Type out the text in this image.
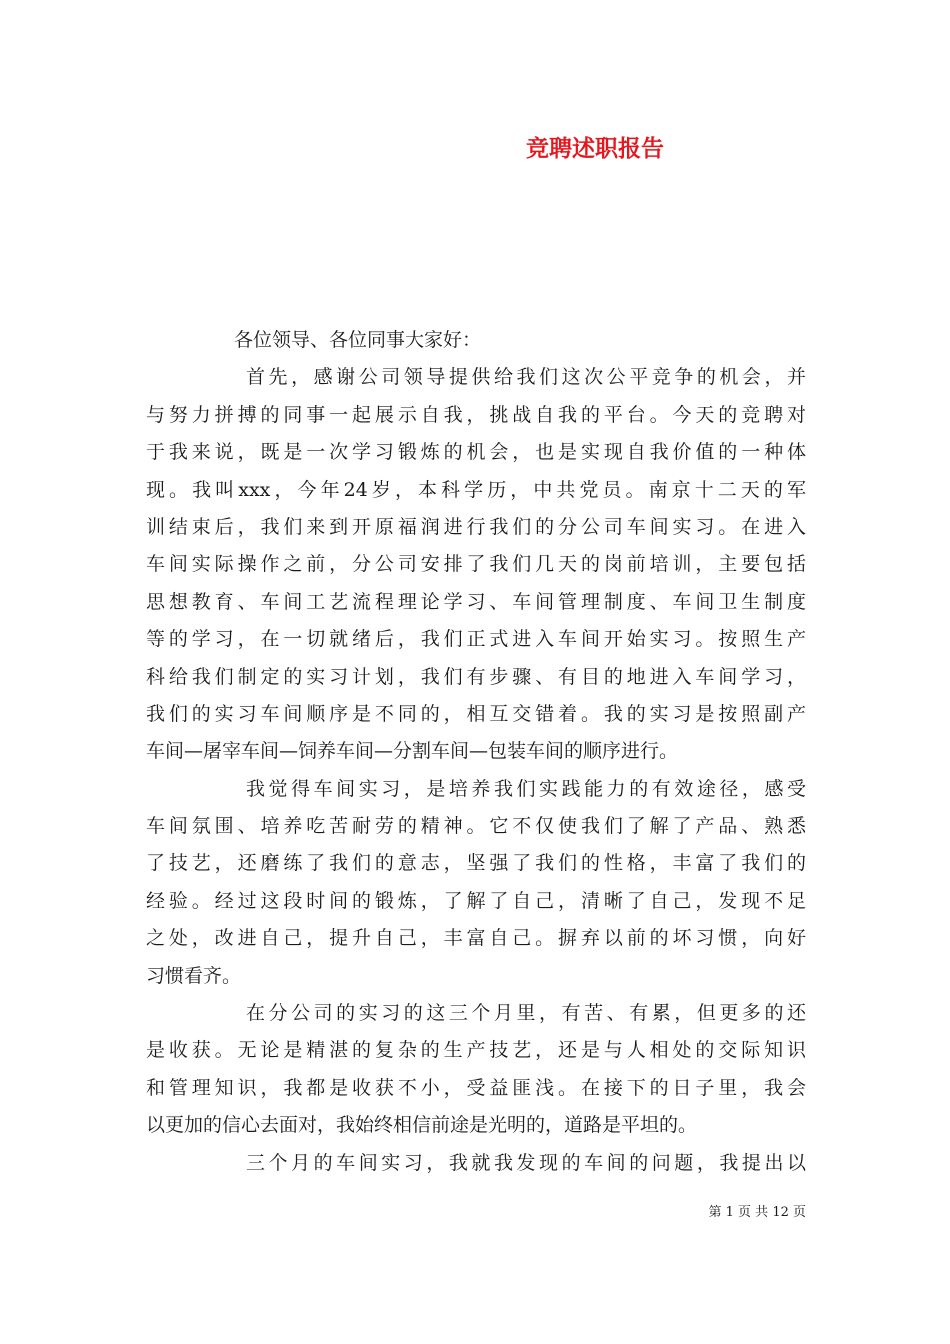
竞聘述职报告
各位领导、各位同事大家好：
首先，感谢公司领导提供给我们这次公平竞争的机会，并
与努力拼搏的同事一起展示自我，挑战自我的平台。今天的竞聘对
于我来说，既是一次学习锻炼的机会，也是实现自我价值的一种体
现。我叫xxx，今年24岁，本科学历，中共党员。南京十二天的军
训结束后，我们来到开原福润进行我们的分公司车间实习。在进入
车间实际操作之前，分公司安排了我们几天的岗前培训，主要包括
思想教育、车间工艺流程理论学习、车间管理制度、车间卫生制度
等的学习，在一切就绪后，我们正式进入车间开始实习。按照生产
科给我们制定的实习计划，我们有步骤、有目的地进入车间学习，
我们的实习车间顺序是不同的，相互交错着。我的实习是按照副产
车间—屠宰车间—饲养车间—分割车间—包装车间的顺序进行。
我觉得车间实习，是培养我们实践能力的有效途径，感受
车间氛围、培养吃苦耐劳的精神。它不仅使我们了解了产品、熟悉
了技艺，还磨练了我们的意志，坚强了我们的性格，丰富了我们的
经验。经过这段时间的锻炼，了解了自己，清晰了自己，发现不足
之处，改进自己，提升自己，丰富自己。摒弃以前的坏习惯，向好
习惯看齐。
在分公司的实习的这三个月里，有苦、有累，但更多的还
是收获。无论是精湛的复杂的生产技艺，还是与人相处的交际知识
和管理知识，我都是收获不小，受益匪浅。在接下的日子里，我会
以更加的信心去面对，我始终相信前途是光明的，道路是平坦的。
三个月的车间实习，我就我发现的车间的问题，我提出以
第 1 页 共 12 页
